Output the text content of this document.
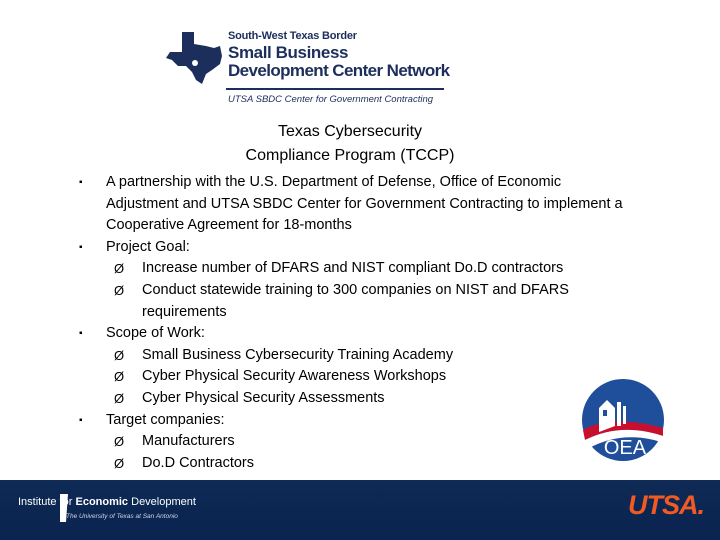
South-West Texas Border
Small Business
Development Center Network
UTSA SBDC Center for Government Contracting
Texas Cybersecurity
Compliance Program (TCCP)
▪ A partnership with the U.S. Department of Defense, Office of Economic
Adjustment and UTSA SBDC Center for Government Contracting to implement a
Cooperative Agreement for 18-months
▪ Project Goal:
Ø Increase number of DFARS and NIST compliant Do.D contractors
Ø Conduct statewide training to 300 companies on NIST and DFARS
requirements
▪ Scope of Work:
Ø Small Business Cybersecurity Training Academy
Ø Cyber Physical Security Awareness Workshops
Ø Cyber Physical Security Assessments
▪ Target companies:
Ø Manufacturers
Ø Do.D Contractors
OEA
Institute for Economic Development
The University of Texas at San Antonio	UTSA.
